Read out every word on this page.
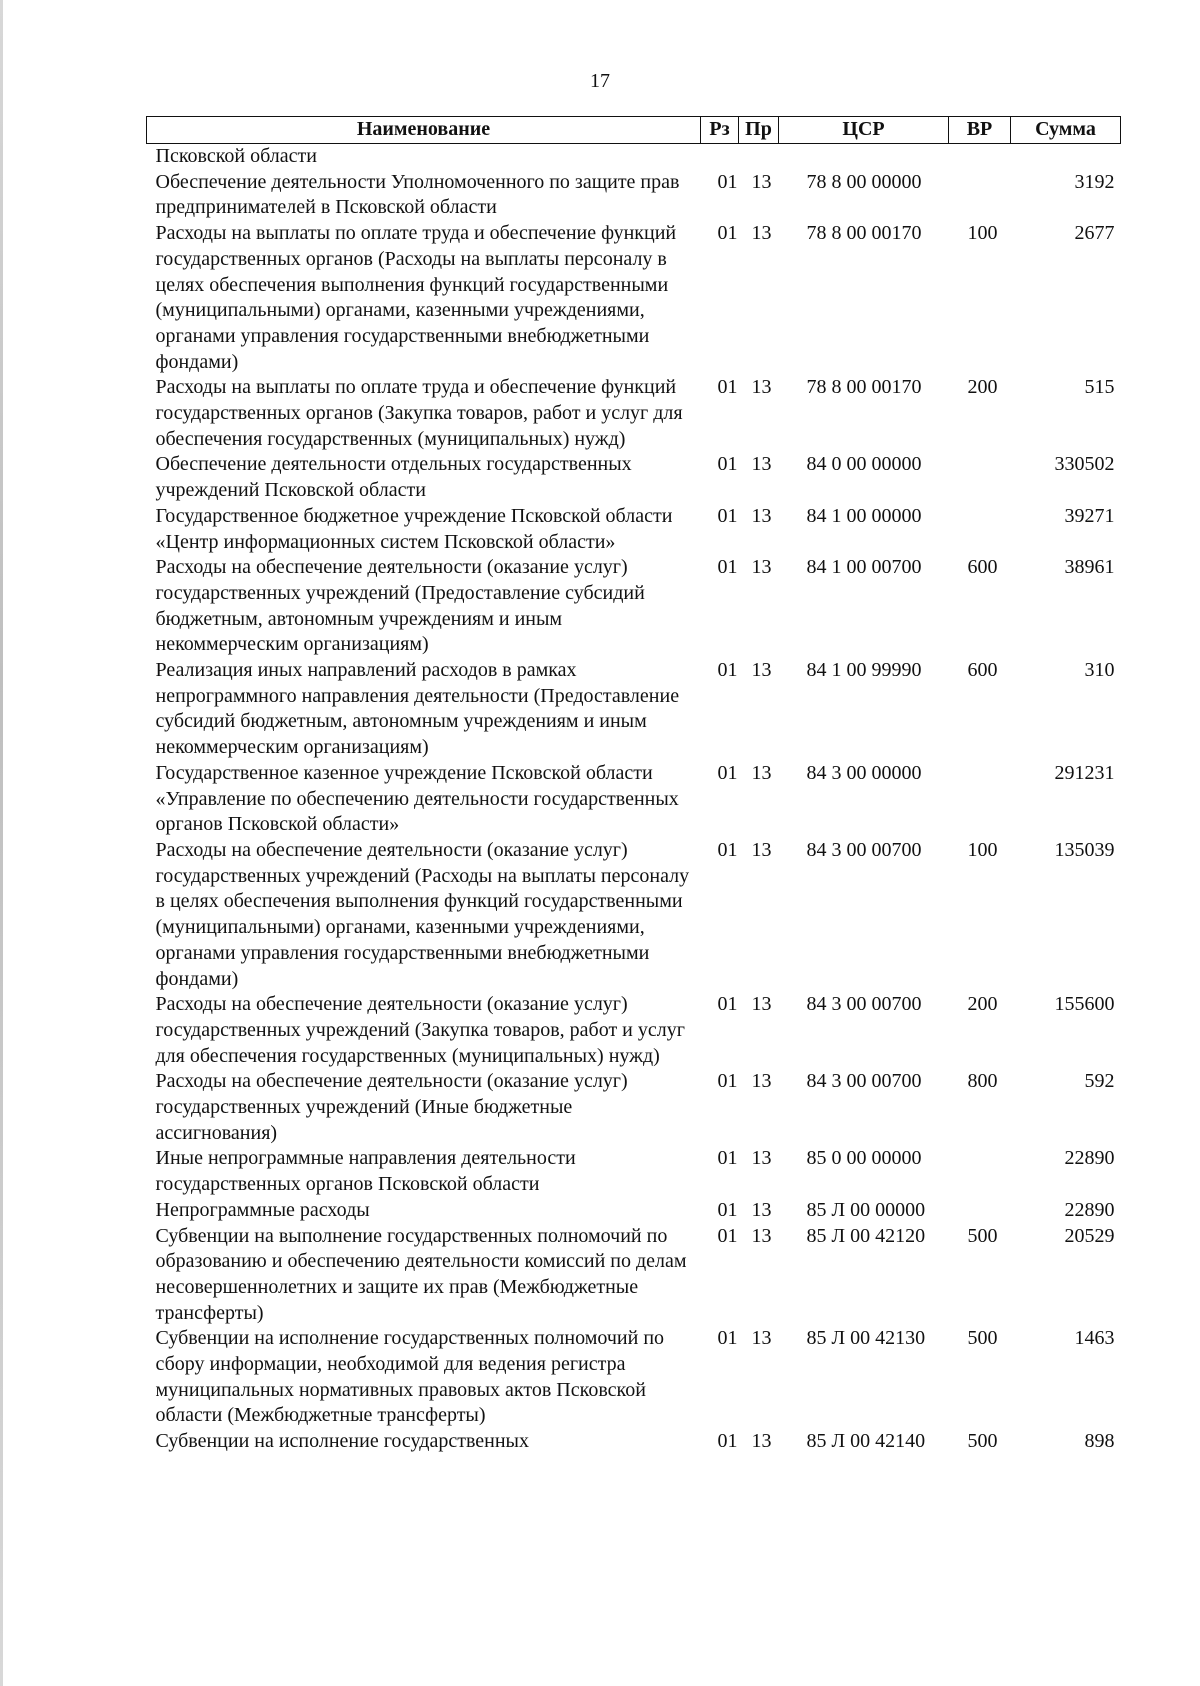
17
Наименование	Рз	Пр	ЦСР	ВР	Сумма
Псковской области					
Обеспечение деятельности Уполномоченного по защите прав предпринимателей в Псковской области	01	13	78 8 00 00000		3192
Расходы на выплаты по оплате труда и обеспечение функций государственных органов (Расходы на выплаты персоналу в целях обеспечения выполнения функций государственными (муниципальными) органами, казенными учреждениями, органами управления государственными внебюджетными фондами)	01	13	78 8 00 00170	100	2677
Расходы на выплаты по оплате труда и обеспечение функций государственных органов (Закупка товаров, работ и услуг для обеспечения государственных (муниципальных) нужд)	01	13	78 8 00 00170	200	515
Обеспечение деятельности отдельных государственных учреждений Псковской области	01	13	84 0 00 00000		330502
Государственное бюджетное учреждение Псковской области «Центр информационных систем Псковской области»	01	13	84 1 00 00000		39271
Расходы на обеспечение деятельности (оказание услуг) государственных учреждений (Предоставление субсидий бюджетным, автономным учреждениям и иным некоммерческим организациям)	01	13	84 1 00 00700	600	38961
Реализация иных направлений расходов в рамках непрограммного направления деятельности (Предоставление субсидий бюджетным, автономным учреждениям и иным некоммерческим организациям)	01	13	84 1 00 99990	600	310
Государственное казенное учреждение Псковской области «Управление по обеспечению деятельности государственных органов Псковской области»	01	13	84 3 00 00000		291231
Расходы на обеспечение деятельности (оказание услуг) государственных учреждений (Расходы на выплаты персоналу в целях обеспечения выполнения функций государственными (муниципальными) органами, казенными учреждениями, органами управления государственными внебюджетными фондами)	01	13	84 3 00 00700	100	135039
Расходы на обеспечение деятельности (оказание услуг) государственных учреждений (Закупка товаров, работ и услуг для обеспечения государственных (муниципальных) нужд)	01	13	84 3 00 00700	200	155600
Расходы на обеспечение деятельности (оказание услуг) государственных учреждений (Иные бюджетные ассигнования)	01	13	84 3 00 00700	800	592
Иные непрограммные направления деятельности государственных органов Псковской области	01	13	85 0 00 00000		22890
Непрограммные расходы	01	13	85 Л 00 00000		22890
Субвенции на выполнение государственных полномочий по образованию и обеспечению деятельности комиссий по делам несовершеннолетних и защите их прав (Межбюджетные трансферты)	01	13	85 Л 00 42120	500	20529
Субвенции на исполнение государственных полномочий по сбору информации, необходимой для ведения регистра муниципальных нормативных правовых актов Псковской области (Межбюджетные трансферты)	01	13	85 Л 00 42130	500	1463
Субвенции на исполнение государственных	01	13	85 Л 00 42140	500	898
